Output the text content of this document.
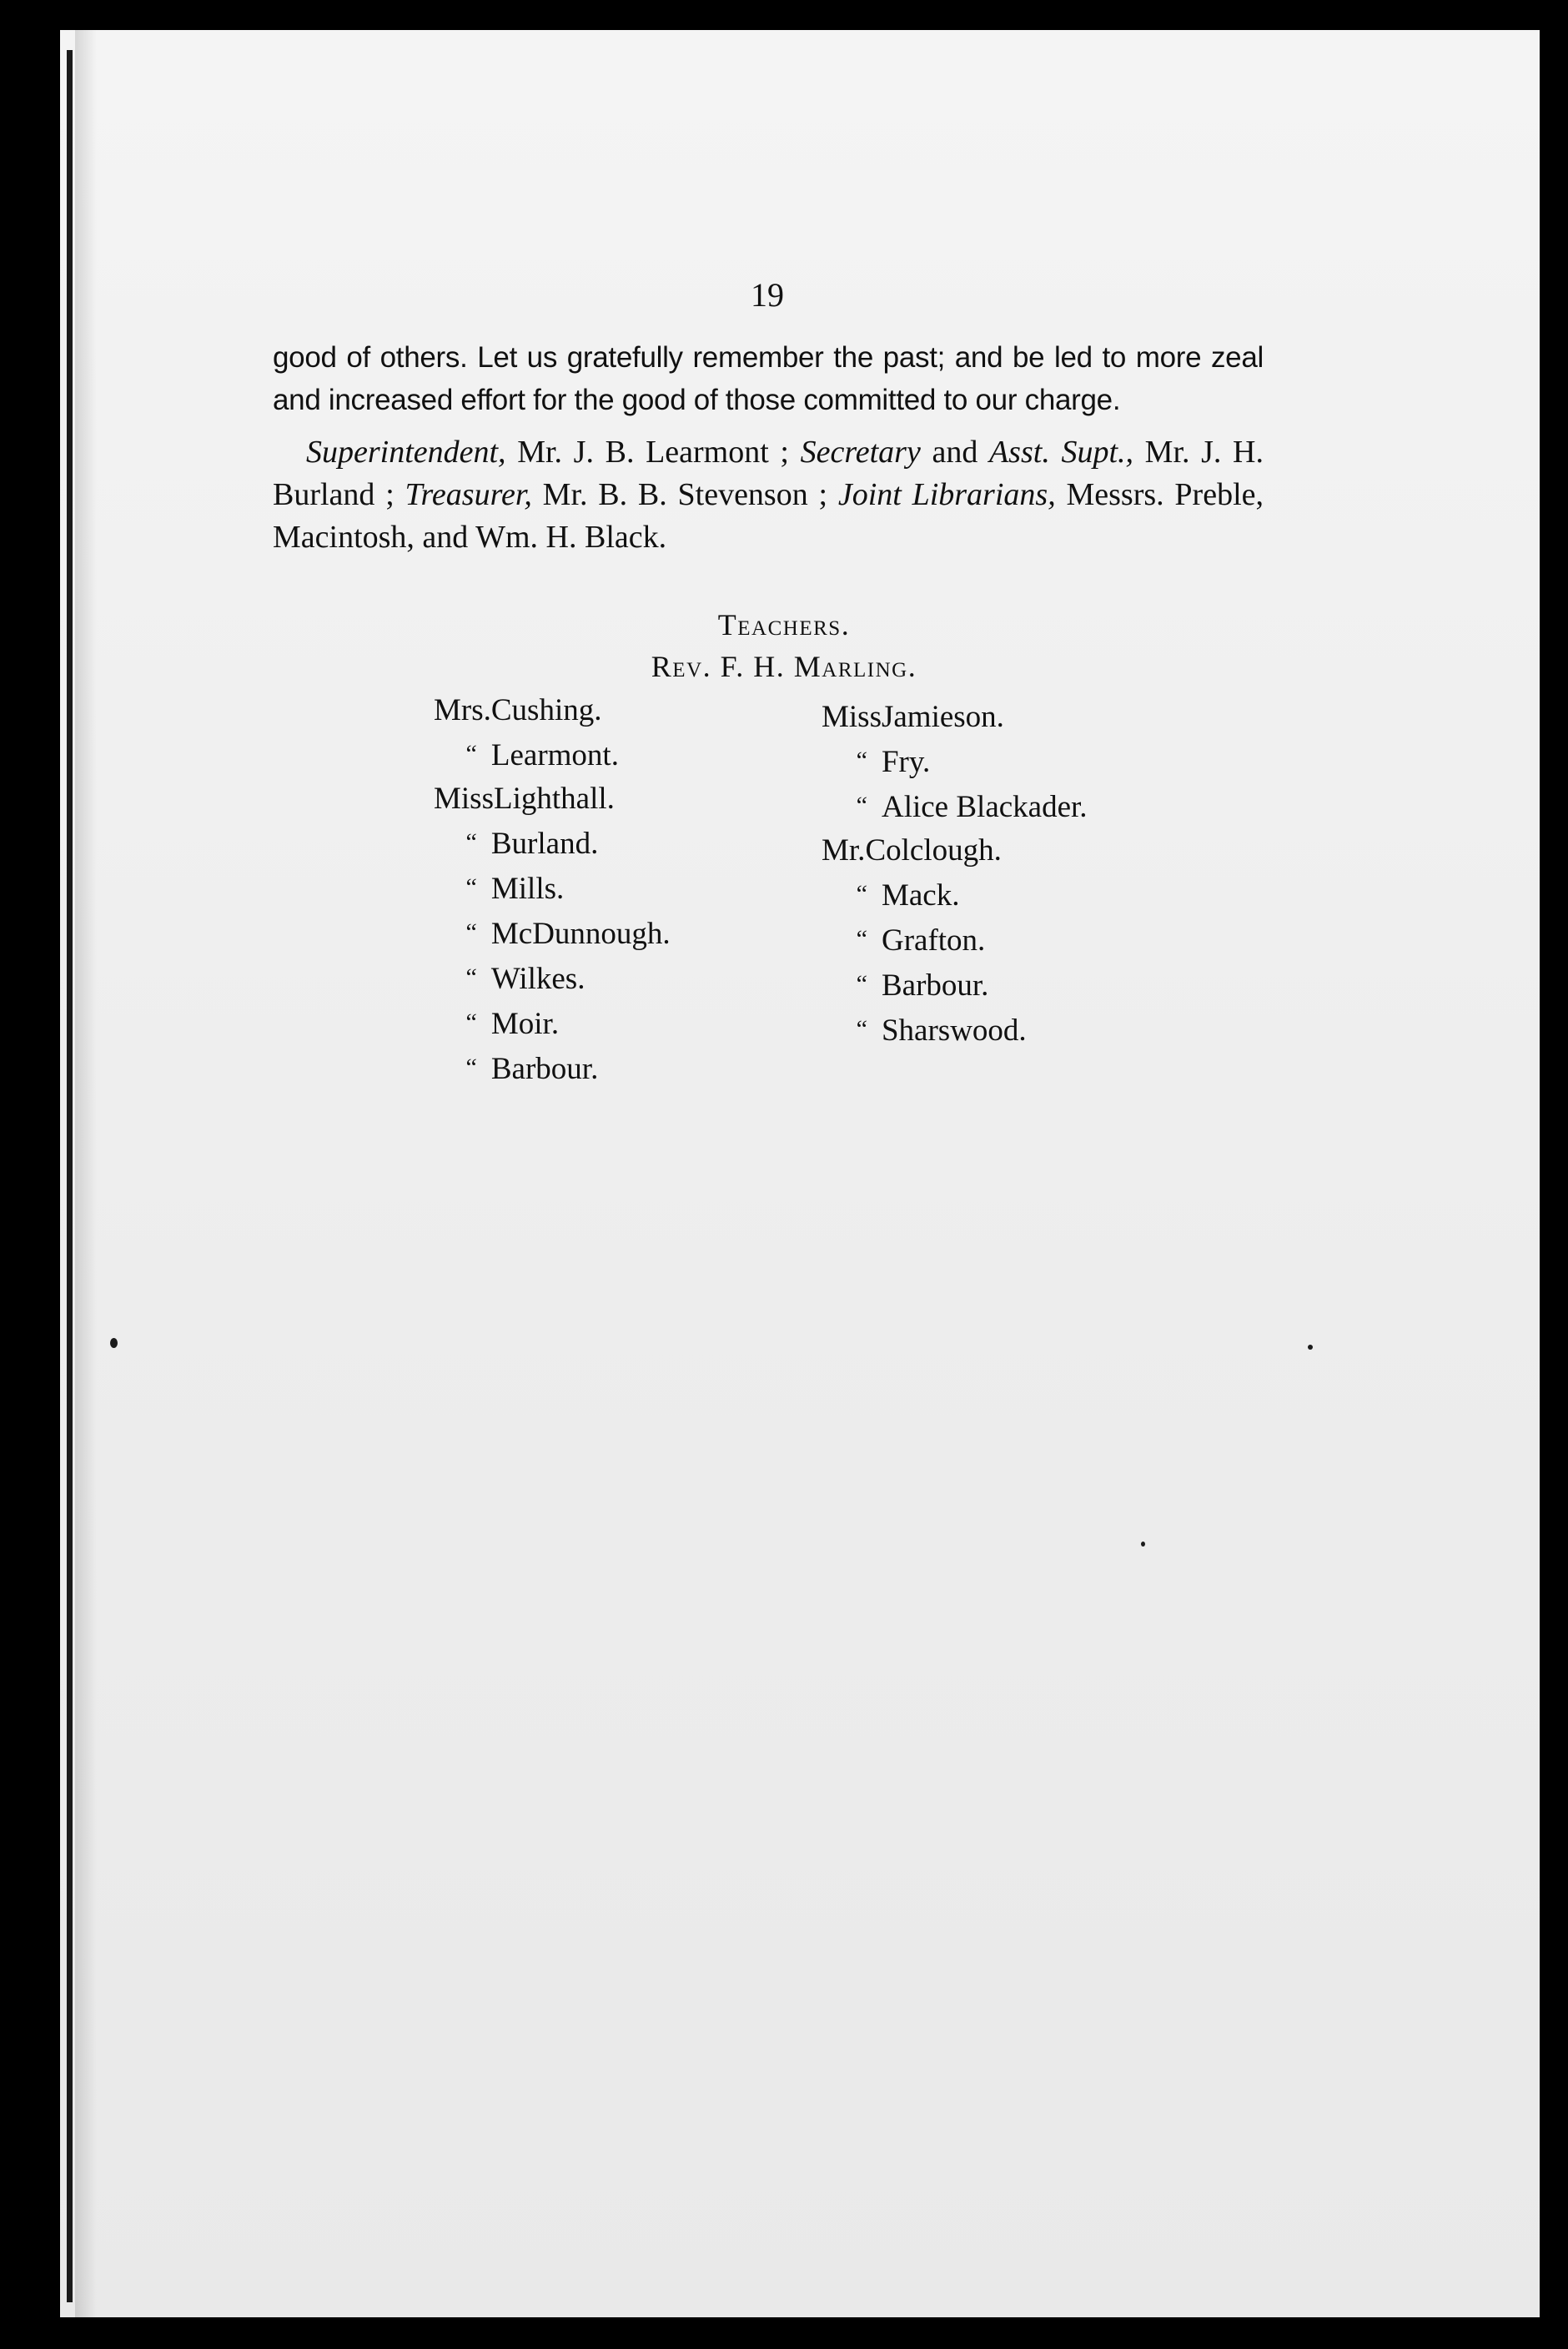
19

good of others. Let us gratefully remember the past; and be led to more zeal and increased effort for the good of those committed to our charge.

Superintendent, Mr. J. B. Learmont ; Secretary and Asst. Supt., Mr. J. H. Burland ; Treasurer, Mr. B. B. Stevenson ; Joint Librarians, Messrs. Preble, Macintosh, and Wm. H. Black.

Teachers.
Rev. F. H. Marling.
Mrs.Cushing.
“ Learmont.
MissLighthall.
“ Burland.
“ Mills.
“ McDunnough.
“ Wilkes.
“ Moir.
“ Barbour.
MissJamieson.
“ Fry.
“ Alice Blackader.
Mr.Colclough.
“ Mack.
“ Grafton.
“ Barbour.
“ Sharswood.
